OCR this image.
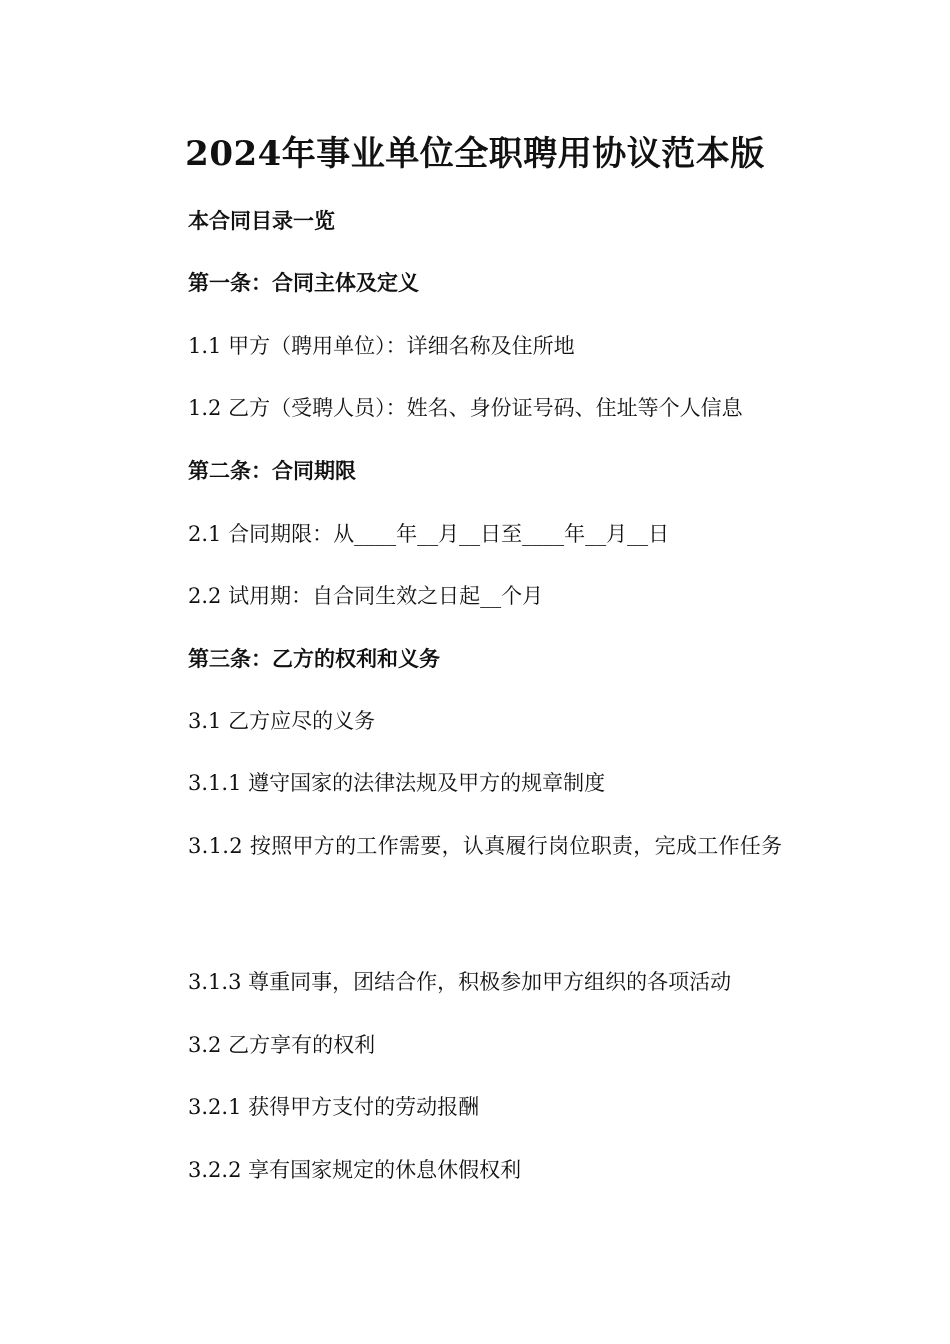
2024年事业单位全职聘用协议范本版
本合同目录一览
第一条：合同主体及定义
1.1 甲方（聘用单位）：详细名称及住所地
1.2 乙方（受聘人员）：姓名、身份证号码、住址等个人信息
第二条：合同期限
2.1 合同期限：从____年__月__日至____年__月__日
2.2 试用期：自合同生效之日起__个月
第三条：乙方的权利和义务
3.1 乙方应尽的义务
3.1.1 遵守国家的法律法规及甲方的规章制度
3.1.2 按照甲方的工作需要，认真履行岗位职责，完成工作任务
3.1.3 尊重同事，团结合作，积极参加甲方组织的各项活动
3.2 乙方享有的权利
3.2.1 获得甲方支付的劳动报酬
3.2.2 享有国家规定的休息休假权利
